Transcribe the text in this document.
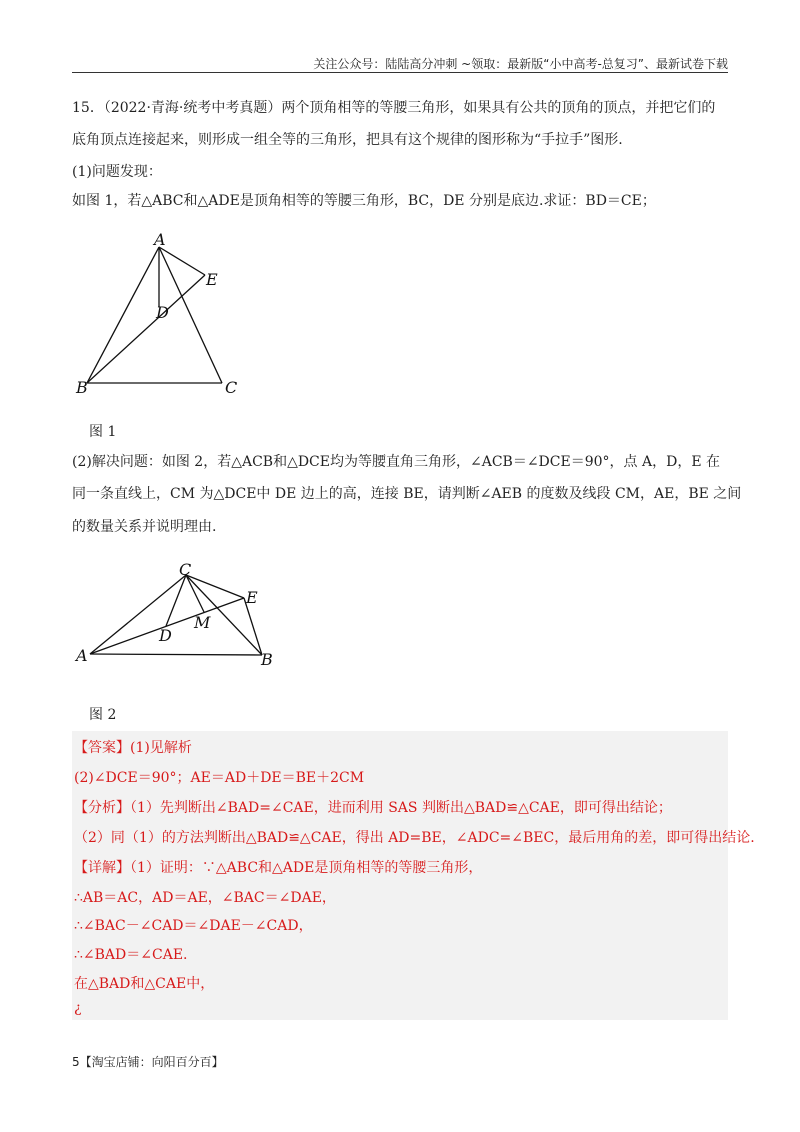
关注公众号：陆陆高分冲刺 ~领取：最新版“小中高考-总复习”、最新试卷下载
15．（2022·青海·统考中考真题）两个顶角相等的等腰三角形，如果具有公共的顶角的顶点，并把它们的
底角顶点连接起来，则形成一组全等的三角形，把具有这个规律的图形称为“手拉手”图形.
(1)问题发现：
如图 1，若△ABC和△ADE是顶角相等的等腰三角形，BC，DE 分别是底边.求证：BD＝CE；
A
E
D
B	C
图 1
(2)解决问题：如图 2，若△ACB和△DCE均为等腰直角三角形，∠ACB＝∠DCE＝90°，点 A，D，E 在
同一条直线上，CM 为△DCE中 DE 边上的高，连接 BE，请判断∠AEB 的度数及线段 CM，AE，BE 之间
的数量关系并说明理由.
C
E
M
D
A	B
图 2
【答案】(1)见解析
(2)∠DCE＝90°；AE＝AD＋DE＝BE＋2CM
【分析】（1）先判断出∠BAD=∠CAE，进而利用 SAS 判断出△BAD≌△CAE，即可得出结论；
（2）同（1）的方法判断出△BAD≌△CAE，得出 AD=BE，∠ADC=∠BEC，最后用角的差，即可得出结论.
【详解】（1）证明：∵△ABC和△ADE是顶角相等的等腰三角形，
∴AB＝AC，AD＝AE，∠BAC＝∠DAE，
∴∠BAC－∠CAD＝∠DAE－∠CAD，
∴∠BAD＝∠CAE.
在△BAD和△CAE中，
¿
5【淘宝店铺：向阳百分百】
